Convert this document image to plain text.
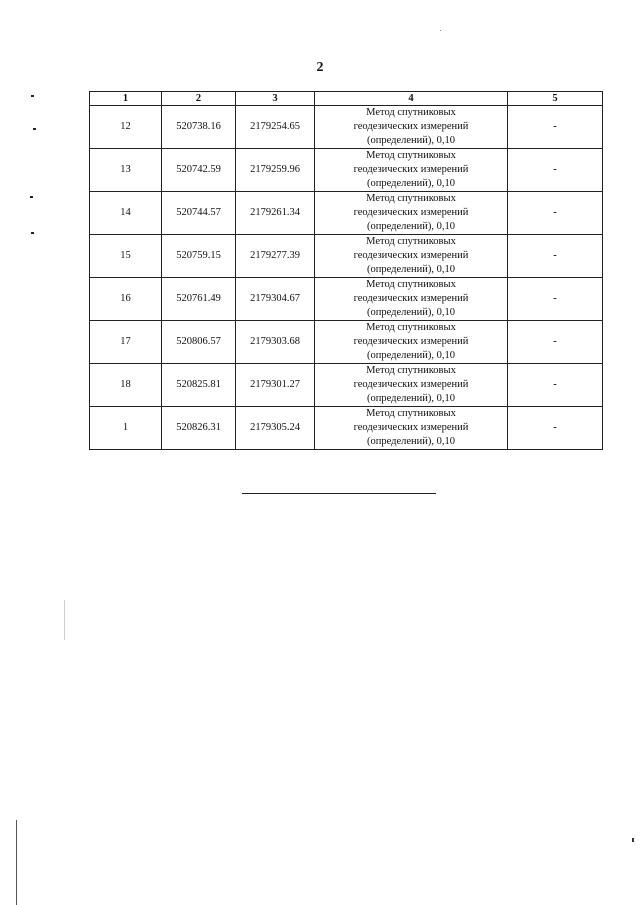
2
1	2	3	4	5
12	520738.16	2179254.65	Метод спутниковых
геодезических измерений
(определений), 0,10	-
13	520742.59	2179259.96	Метод спутниковых
геодезических измерений
(определений), 0,10	-
14	520744.57	2179261.34	Метод спутниковых
геодезических измерений
(определений), 0,10	-
15	520759.15	2179277.39	Метод спутниковых
геодезических измерений
(определений), 0,10	-
16	520761.49	2179304.67	Метод спутниковых
геодезических измерений
(определений), 0,10	-
17	520806.57	2179303.68	Метод спутниковых
геодезических измерений
(определений), 0,10	-
18	520825.81	2179301.27	Метод спутниковых
геодезических измерений
(определений), 0,10	-
1	520826.31	2179305.24	Метод спутниковых
геодезических измерений
(определений), 0,10	-
